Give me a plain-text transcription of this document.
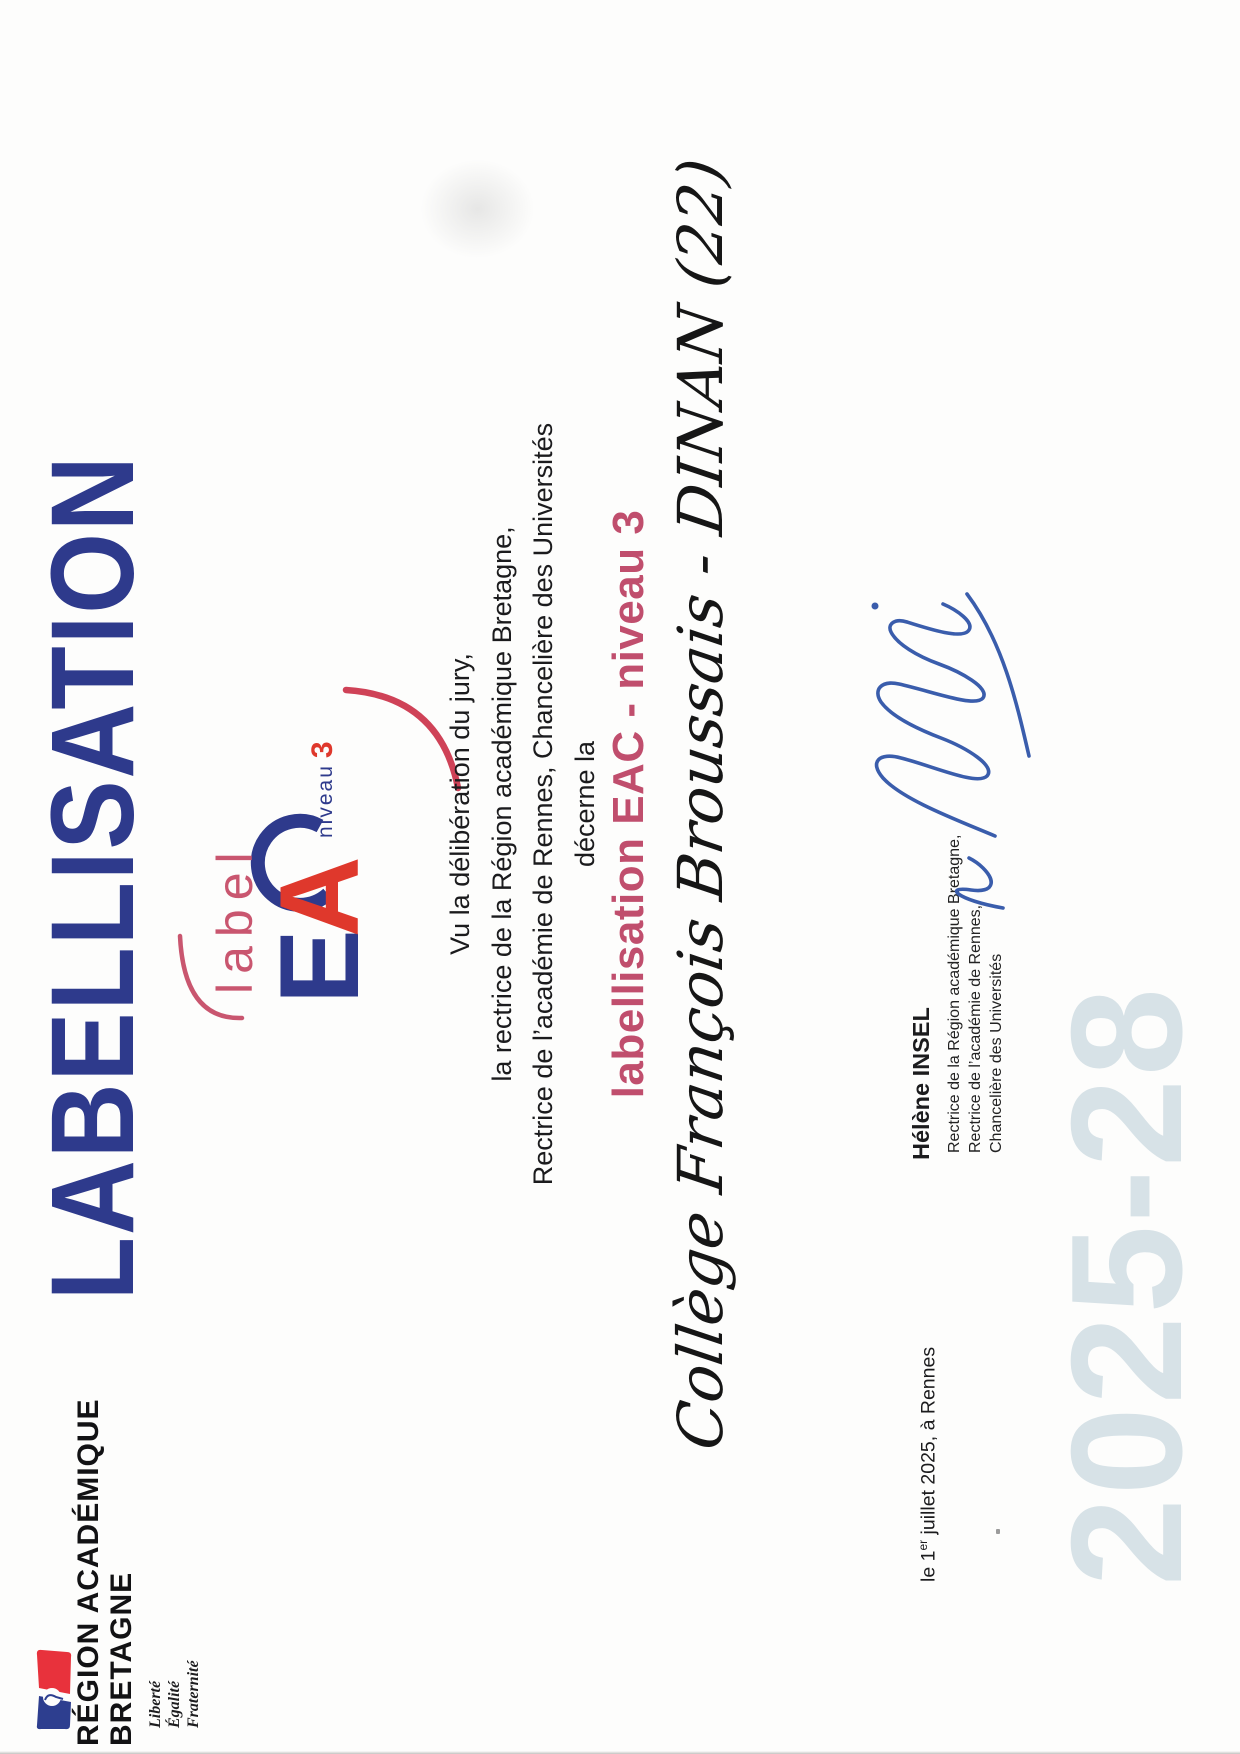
RÉGION ACADÉMIQUE BRETAGNE Liberté Égalité Fraternité
LABELLISATION label
EA
niveau3	Vu la délibération du jury, la rectrice de la Région académique Bretagne, Rectrice de l’académie de Rennes, Chancelière des Universités décerne la labellisation EAC - niveau 3 Collège François Broussais - DINAN (22)
le 1er juillet 2025, à Rennes
Hélène INSEL Rectrice de la Région académique Bretagne, Rectrice de l’académie de Rennes, Chancelière des Universités 2025-28
